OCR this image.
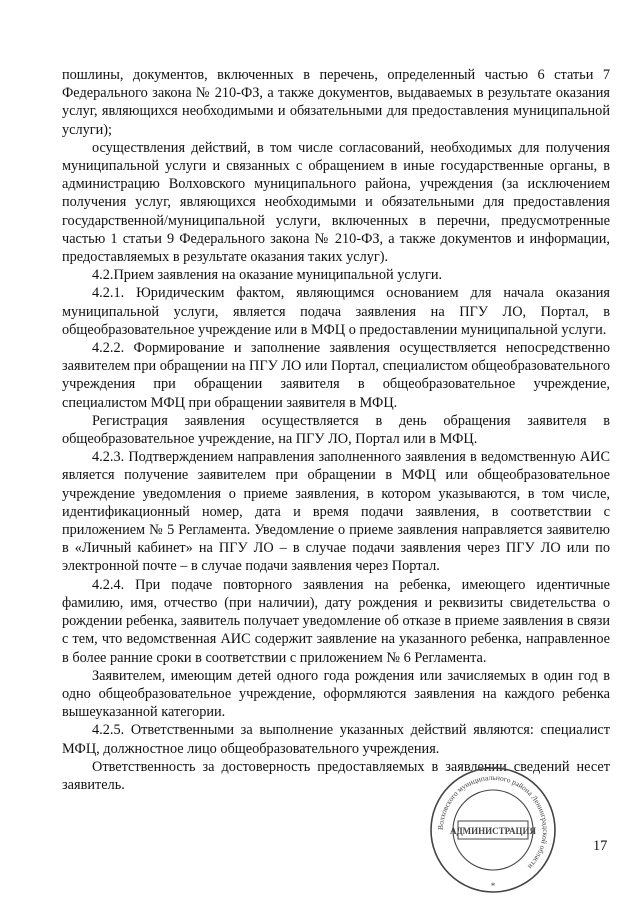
пошлины, документов, включенных в перечень, определенный частью 6 статьи 7 Федерального закона № 210-ФЗ, а также документов, выдаваемых в результате оказания услуг, являющихся необходимыми и обязательными для предоставления муниципальной услуги);

осуществления действий, в том числе согласований, необходимых для получения муниципальной услуги и связанных с обращением в иные государственные органы, в администрацию Волховского муниципального района, учреждения (за исключением получения услуг, являющихся необходимыми и обязательными для предоставления государственной/муниципальной услуги, включенных в перечни, предусмотренные частью 1 статьи 9 Федерального закона № 210-ФЗ, а также документов и информации, предоставляемых в результате оказания таких услуг).

4.2.Прием заявления на оказание муниципальной услуги.

4.2.1. Юридическим фактом, являющимся основанием для начала оказания муниципальной услуги, является подача заявления на ПГУ ЛО, Портал, в общеобразовательное учреждение или в МФЦ о предоставлении муниципальной услуги.

4.2.2. Формирование и заполнение заявления осуществляется непосредственно заявителем при обращении на ПГУ ЛО или Портал, специалистом общеобразовательного учреждения при обращении заявителя в общеобразовательное учреждение, специалистом МФЦ при обращении заявителя в МФЦ.

Регистрация заявления осуществляется в день обращения заявителя в общеобразовательное учреждение, на ПГУ ЛО, Портал или в МФЦ.

4.2.3. Подтверждением направления заполненного заявления в ведомственную АИС является получение заявителем при обращении в МФЦ или общеобразовательное учреждение уведомления о приеме заявления, в котором указываются, в том числе, идентификационный номер, дата и время подачи заявления, в соответствии с приложением № 5 Регламента. Уведомление о приеме заявления направляется заявителю в «Личный кабинет» на ПГУ ЛО – в случае подачи заявления через ПГУ ЛО или по электронной почте – в случае подачи заявления через Портал.

4.2.4. При подаче повторного заявления на ребенка, имеющего идентичные фамилию, имя, отчество (при наличии), дату рождения и реквизиты свидетельства о рождении ребенка, заявитель получает уведомление об отказе в приеме заявления в связи с тем, что ведомственная АИС содержит заявление на указанного ребенка, направленное в более ранние сроки в соответствии с приложением № 6 Регламента.

Заявителем, имеющим детей одного года рождения или зачисляемых в один год в одно общеобразовательное учреждение, оформляются заявления на каждого ребенка вышеуказанной категории.

4.2.5. Ответственными за выполнение указанных действий являются: специалист МФЦ, должностное лицо общеобразовательного учреждения.

Ответственность за достоверность предоставляемых в заявлении сведений несет заявитель.

Волховского муниципального района Ленинградской области
АДМИНИСТРАЦИЯ
*
17
